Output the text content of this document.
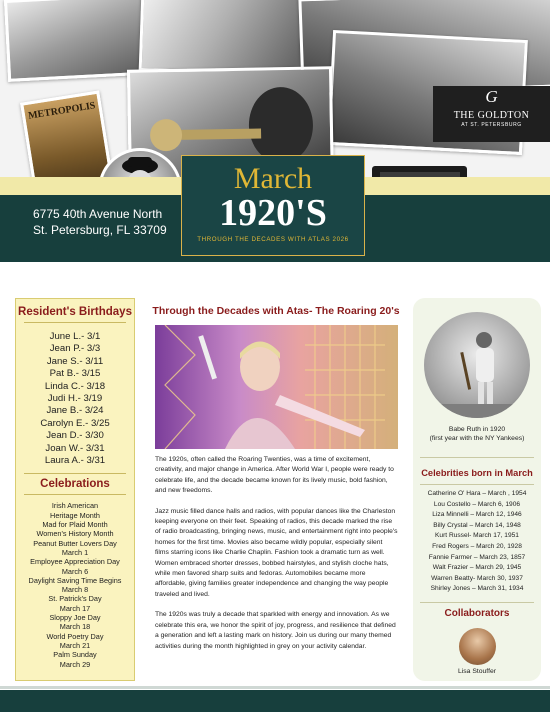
METROPOLIS
G
THE GOLDTON
AT ST. PETERSBURG
6775 40th Avenue North
St. Petersburg, FL 33709
March
1920'S
THROUGH THE DECADES WITH ATLAS 2026
Resident's Birthdays
June L.- 3/1
Jean P.- 3/3
Jane S.- 3/11
Pat B.- 3/15
Linda C.- 3/18
Judi H.- 3/19
Jane B.- 3/24
Carolyn E.- 3/25
Jean D.- 3/30
Joan W.- 3/31
Laura A.- 3/31
Celebrations
Irish American
Heritage Month
Mad for Plaid Month
Women's History Month
Peanut Butter Lovers Day
March 1
Employee Appreciation Day
March 6
Daylight Saving Time Begins
March 8
St. Patrick's Day
March 17
Sloppy Joe Day
March 18
World Poetry Day
March 21
Palm Sunday
March 29
Through the Decades with Atas- The Roaring 20's

The 1920s, often called the Roaring Twenties, was a time of excitement, creativity, and major change in America. After World War I, people were ready to celebrate life, and the decade became known for its lively music, bold fashion, and new freedoms.

Jazz music filled dance halls and radios, with popular dances like the Charleston keeping everyone on their feet. Speaking of radios, this decade marked the rise of radio broadcasting, bringing news, music, and entertainment right into people's homes for the first time. Movies also became wildly popular, especially silent films starring icons like Charlie Chaplin. Fashion took a dramatic turn as well. Women embraced shorter dresses, bobbed hairstyles, and stylish cloche hats, while men favored sharp suits and fedoras. Automobiles became more affordable, giving families greater independence and changing the way people traveled and lived.

The 1920s was truly a decade that sparkled with energy and innovation. As we celebrate this era, we honor the spirit of joy, progress, and resilience that defined a generation and left a lasting mark on history. Join us during our many themed activities during the month highlighted in grey on your activity calendar.

Babe Ruth in 1920
(first year with the NY Yankees)
Celebrities born in March
Catherine O' Hara – March , 1954
Lou Costello – March 6, 1906
Liza Minnelli – March 12, 1946
Billy Crystal – March 14, 1948
Kurt Russel- March 17, 1951
Fred Rogers – March 20, 1928
Fannie Farmer – March 23, 1857
Walt Frazier – March 29, 1945
Warren Beatty- March 30, 1937
Shirley Jones – March 31, 1934
Collaborators
Lisa Stouffer
